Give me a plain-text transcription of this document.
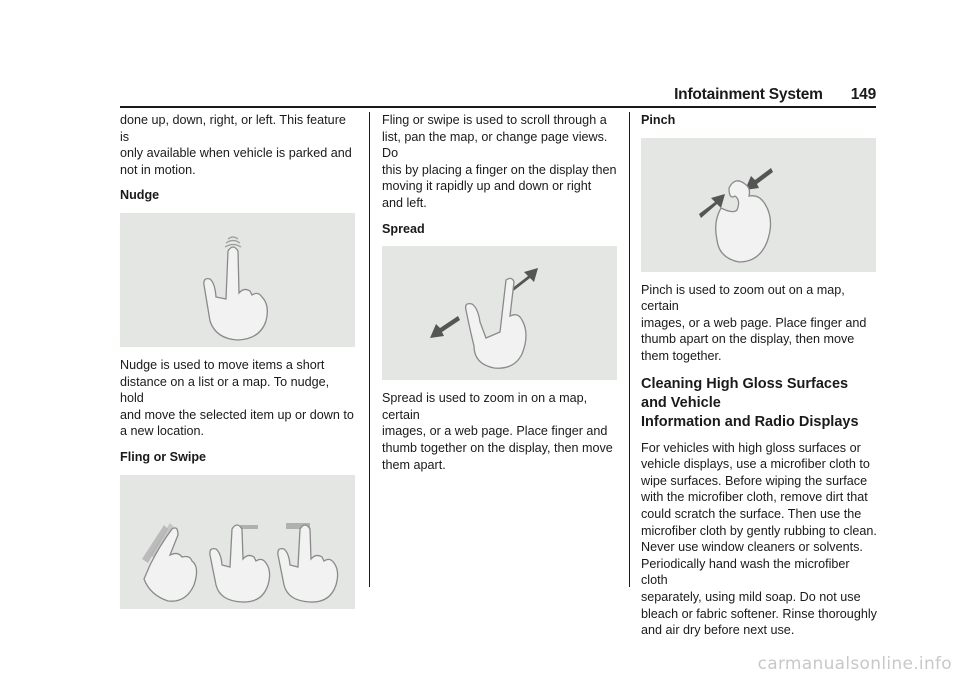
Infotainment System 149

done up, down, right, or left. This feature is

only available when vehicle is parked and

not in motion.

Nudge

Nudge is used to move items a short

distance on a list or a map. To nudge, hold

and move the selected item up or down to

a new location.

Fling or Swipe

Fling or swipe is used to scroll through a

list, pan the map, or change page views. Do

this by placing a finger on the display then

moving it rapidly up and down or right

and left.

Spread

Spread is used to zoom in on a map, certain

images, or a web page. Place finger and

thumb together on the display, then move

them apart.

Pinch

Pinch is used to zoom out on a map, certain

images, or a web page. Place finger and

thumb apart on the display, then move

them together.

Cleaning High Gloss Surfaces and Vehicle
Information and Radio Displays

For vehicles with high gloss surfaces or

vehicle displays, use a microfiber cloth to

wipe surfaces. Before wiping the surface

with the microfiber cloth, remove dirt that

could scratch the surface. Then use the

microfiber cloth by gently rubbing to clean.

Never use window cleaners or solvents.

Periodically hand wash the microfiber cloth

separately, using mild soap. Do not use

bleach or fabric softener. Rinse thoroughly

and air dry before next use.

carmanualsonline.info
